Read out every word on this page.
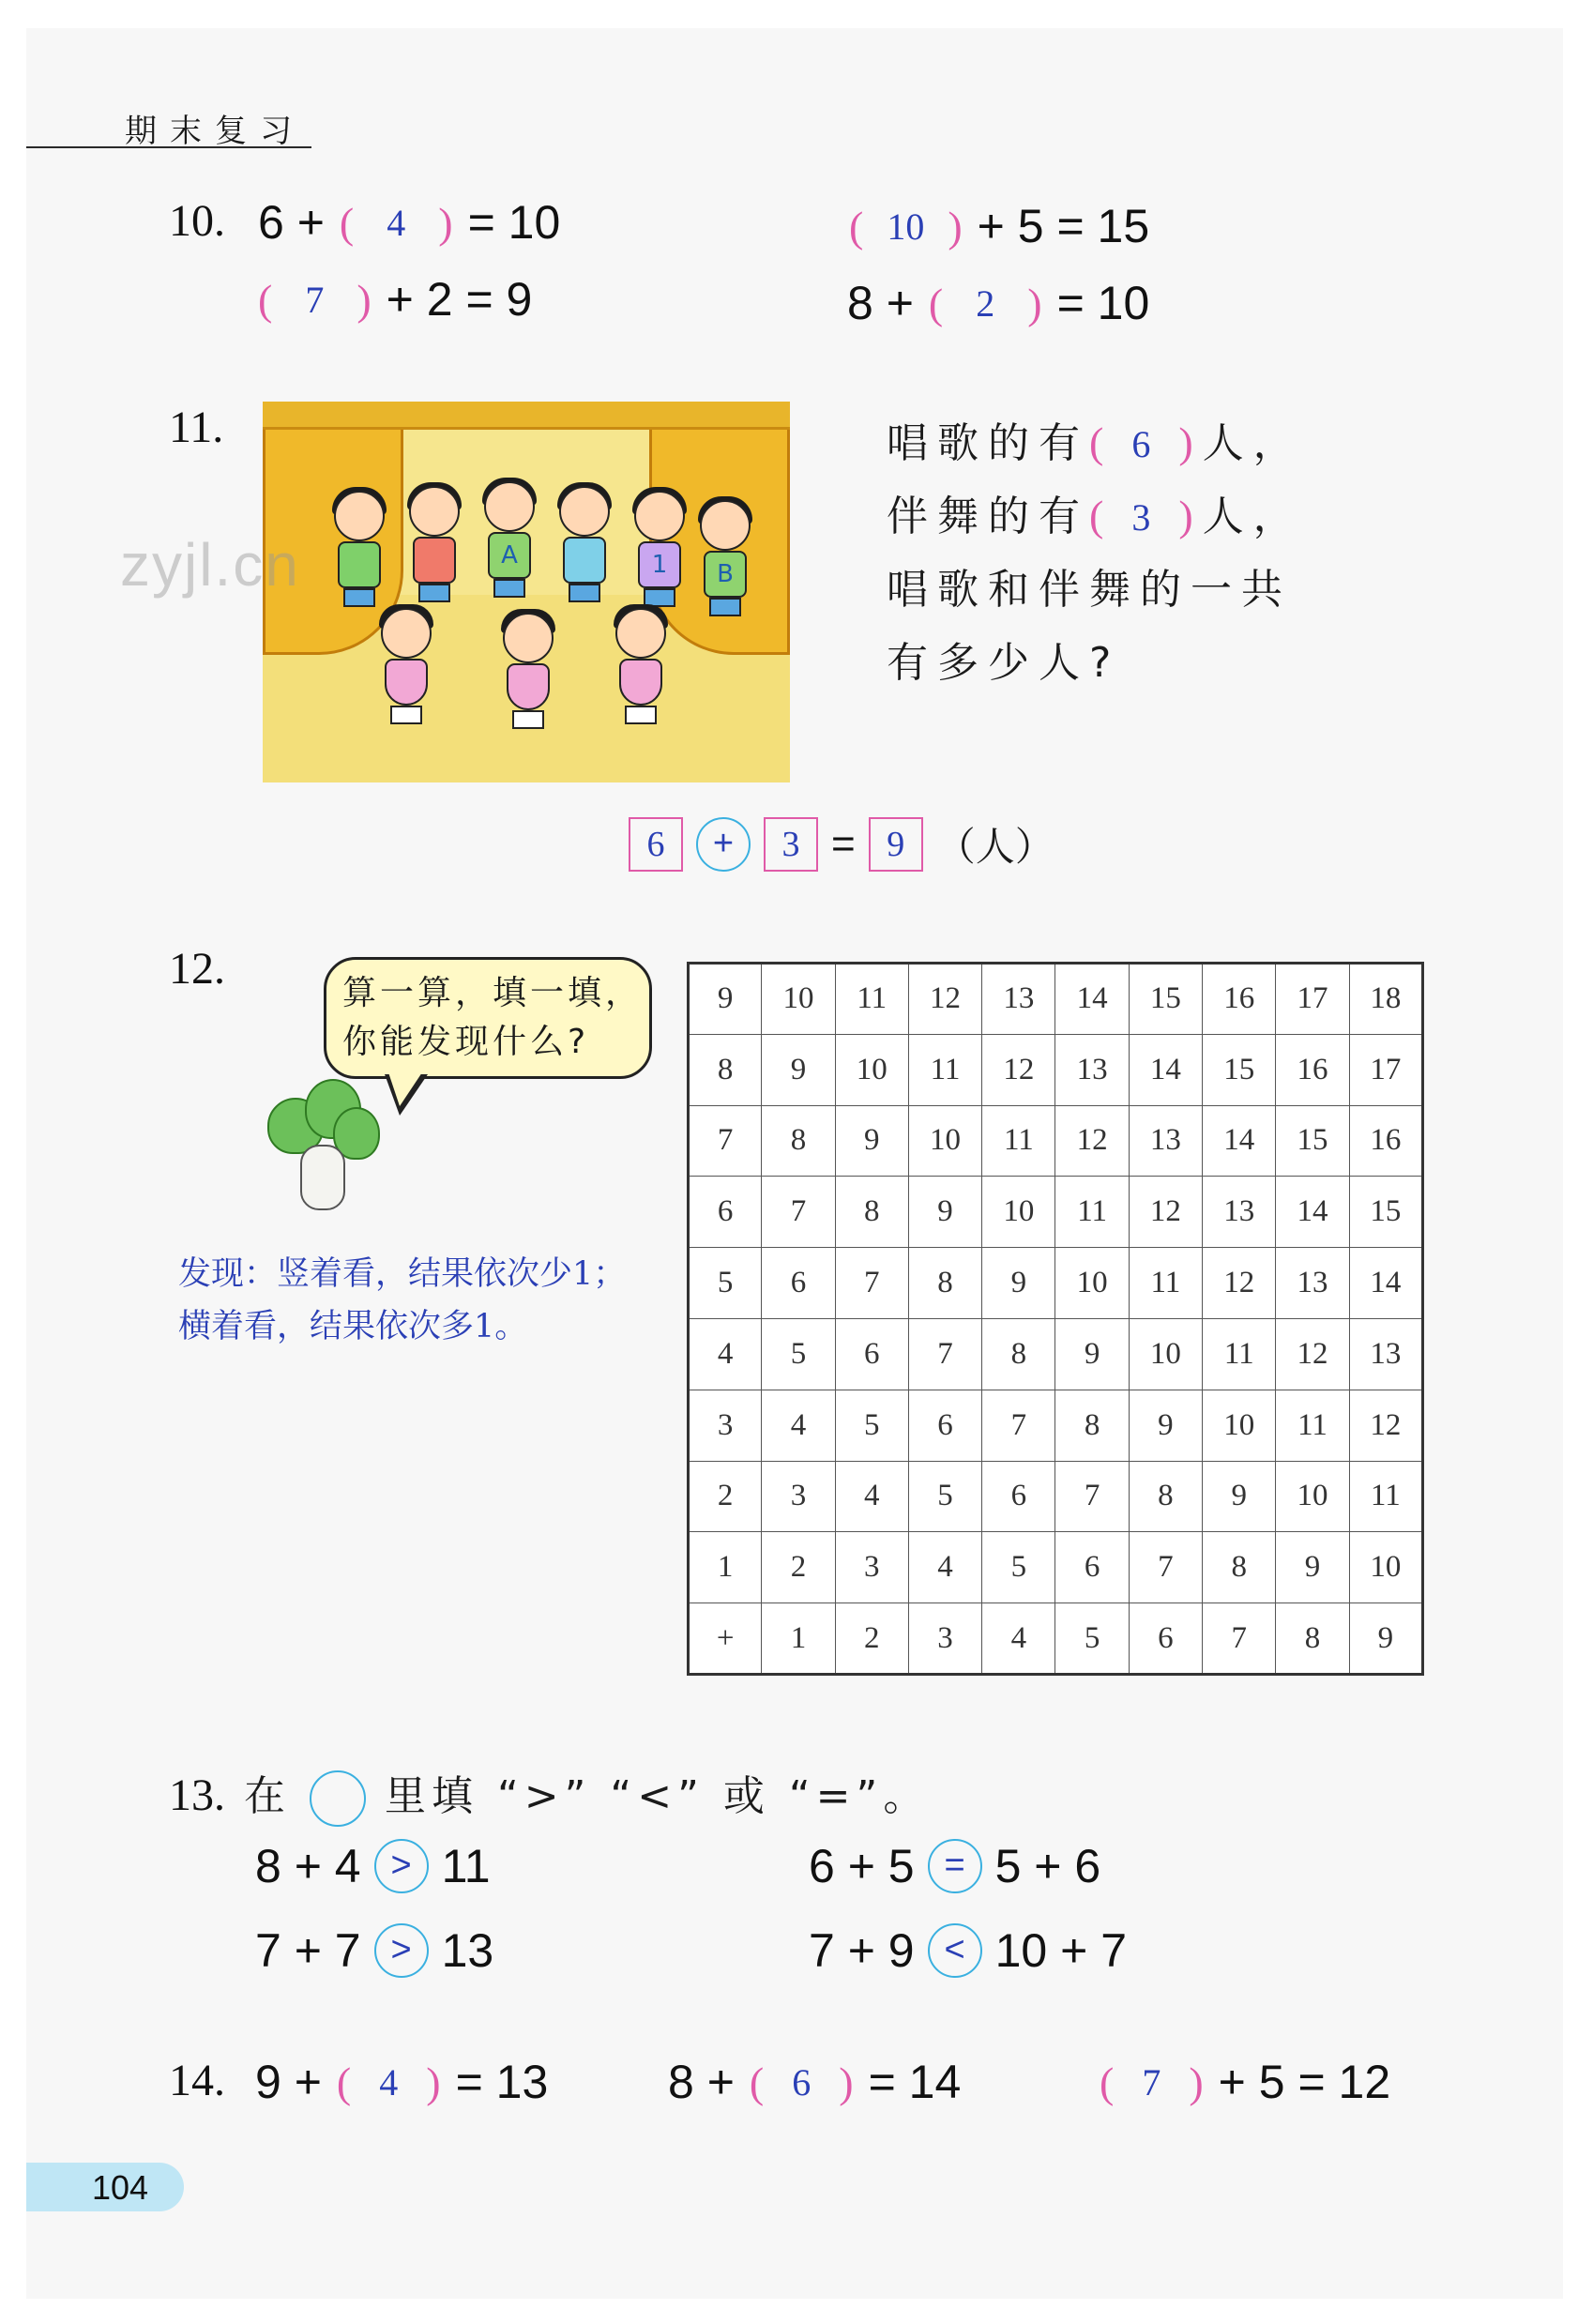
期末复习
10. 6 + ( 4 ) = 10	( 10 ) + 5 = 15
( 7 ) + 2 = 9	8 + ( 2 ) = 10
11.
A	1	B
zyjl.cn
唱歌的有( 6 )人，
伴舞的有( 3 )人，
唱歌和伴舞的一共
有多少人?
6	+	3 = 9 （人）
12.	算一算，填一填，
你能发现什么?
发现：竖着看，结果依次少1；
横着看，结果依次多1。
9	10	11	12	13	14	15	16	17	18
8	9	10	11	12	13	14	15	16	17
7	8	9	10	11	12	13	14	15	16
6	7	8	9	10	11	12	13	14	15
5	6	7	8	9	10	11	12	13	14
4	5	6	7	8	9	10	11	12	13
3	4	5	6	7	8	9	10	11	12
2	3	4	5	6	7	8	9	10	11
1	2	3	4	5	6	7	8	9	10
+	1	2	3	4	5	6	7	8	9
13. 在 里填 “>” “<” 或 “=”。
8 + 4 > 11	6 + 5 = 5 + 6
7 + 7 > 13	7 + 9 < 10 + 7
14. 9 + ( 4 ) = 13	8 + ( 6 ) = 14	( 7 ) + 5 = 12
104
